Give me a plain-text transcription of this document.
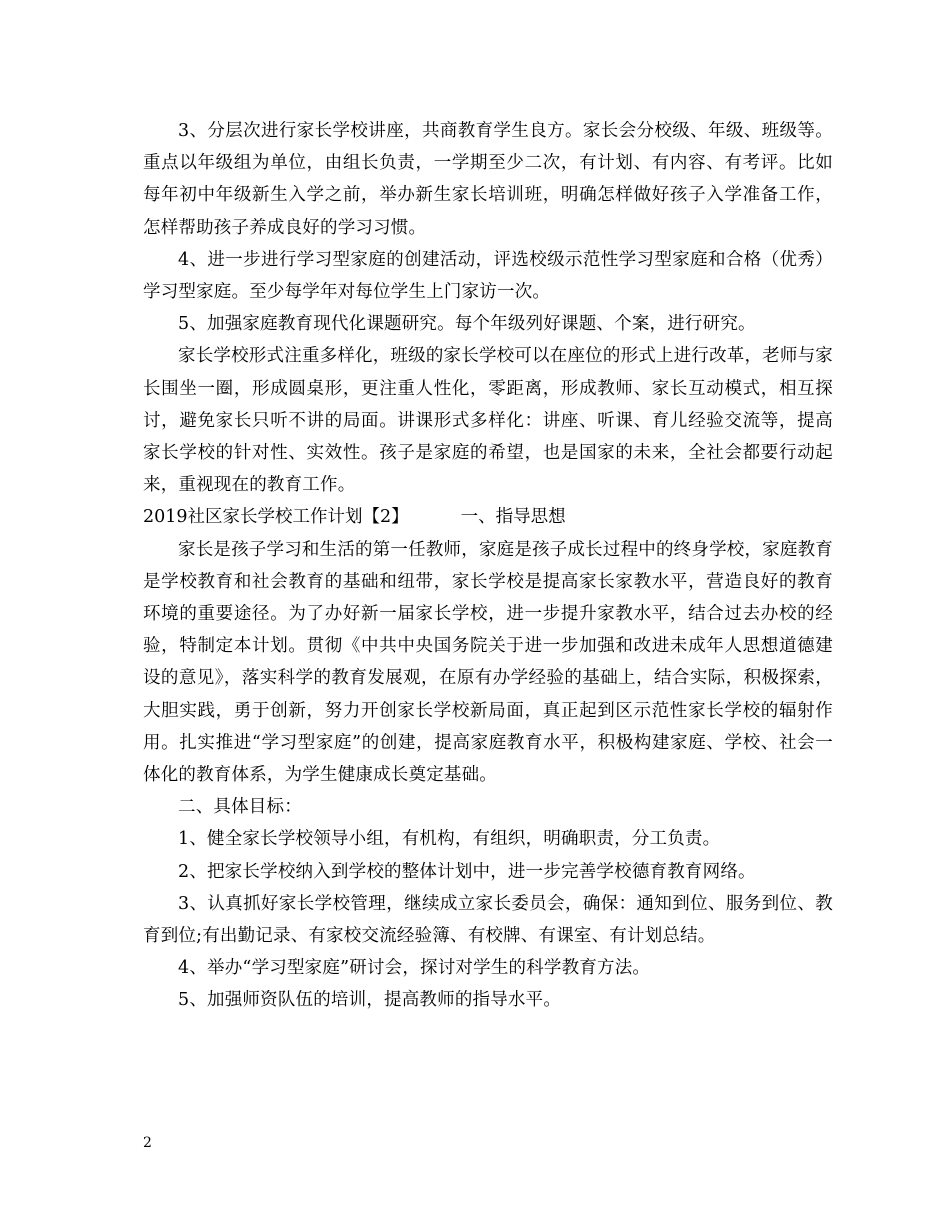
3、分层次进行家长学校讲座，共商教育学生良方。家长会分校级、年级、班级等。重点以年级组为单位，由组长负责，一学期至少二次，有计划、有内容、有考评。比如每年初中年级新生入学之前，举办新生家长培训班，明确怎样做好孩子入学准备工作，怎样帮助孩子养成良好的学习习惯。

4、进一步进行学习型家庭的创建活动，评选校级示范性学习型家庭和合格（优秀）学习型家庭。至少每学年对每位学生上门家访一次。

5、加强家庭教育现代化课题研究。每个年级列好课题、个案，进行研究。

家长学校形式注重多样化，班级的家长学校可以在座位的形式上进行改革，老师与家长围坐一圈，形成圆桌形，更注重人性化，零距离，形成教师、家长互动模式，相互探讨，避免家长只听不讲的局面。讲课形式多样化：讲座、听课、育儿经验交流等，提高家长学校的针对性、实效性。孩子是家庭的希望，也是国家的未来，全社会都要行动起来，重视现在的教育工作。

2019社区家长学校工作计划【2】	一、指导思想

家长是孩子学习和生活的第一任教师，家庭是孩子成长过程中的终身学校，家庭教育是学校教育和社会教育的基础和纽带，家长学校是提高家长家教水平，营造良好的教育环境的重要途径。为了办好新一届家长学校，进一步提升家教水平，结合过去办校的经验，特制定本计划。贯彻《中共中央国务院关于进一步加强和改进未成年人思想道德建设的意见》，落实科学的教育发展观，在原有办学经验的基础上，结合实际，积极探索，大胆实践，勇于创新，努力开创家长学校新局面，真正起到区示范性家长学校的辐射作用。扎实推进“学习型家庭”的创建，提高家庭教育水平，积极构建家庭、学校、社会一体化的教育体系，为学生健康成长奠定基础。

二、具体目标：

1、健全家长学校领导小组，有机构，有组织，明确职责，分工负责。

2、把家长学校纳入到学校的整体计划中，进一步完善学校德育教育网络。

3、认真抓好家长学校管理，继续成立家长委员会，确保：通知到位、服务到位、教育到位;有出勤记录、有家校交流经验簿、有校牌、有课室、有计划总结。

4、举办“学习型家庭”研讨会，探讨对学生的科学教育方法。

5、加强师资队伍的培训，提高教师的指导水平。

2
